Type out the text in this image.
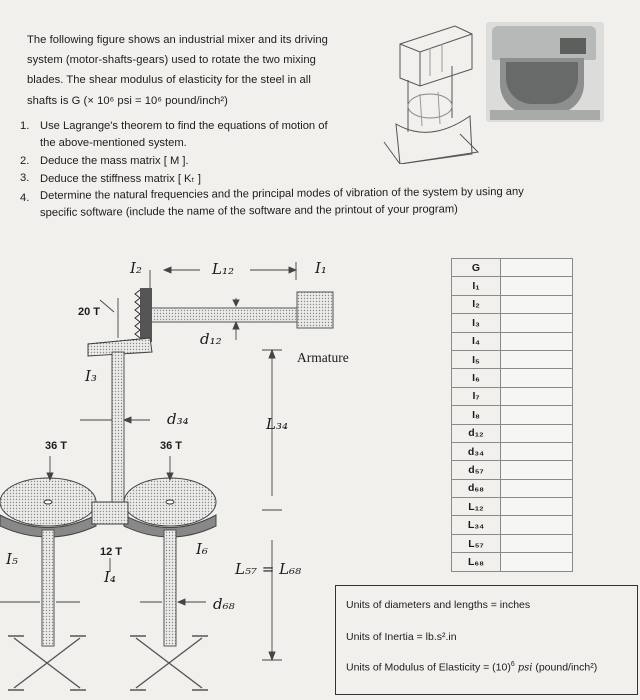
The following figure shows an industrial mixer and its driving
system (motor-shafts-gears) used to rotate the two mixing
blades. The shear modulus of elasticity for the steel in all
shafts is G (× 10⁶ psi = 10⁶ pound/inch²)
1. Use Lagrange's theorem to find the equations of motion of
the above-mentioned system.
2. Deduce the mass matrix [ M ].
3. Deduce the stiffness matrix [ Kₜ ]
4. Determine the natural frequencies and the principal modes of vibration of the system by using any
specific software (include the name of the software and the printout of your program)
I₂	L₁₂	I₁
20 T
d₁₂
Armature
I₃
d₃₄	L₃₄
36 T	36 T
I₅	12 T
I₄
I₆
L₅₇ = L₆₈
d₆₈
G	
I₁	
I₂	
I₃	
I₄	
I₅	
I₆	
I₇	
I₈	
d₁₂	
d₃₄	
d₅₇	
d₆₈	
L₁₂	
L₃₄	
L₅₇	
L₆₈	
Units of diameters and lengths = inches
Units of Inertia = lb.s².in
Units of Modulus of Elasticity = $(10)^6$ psi (pound/inch²)
